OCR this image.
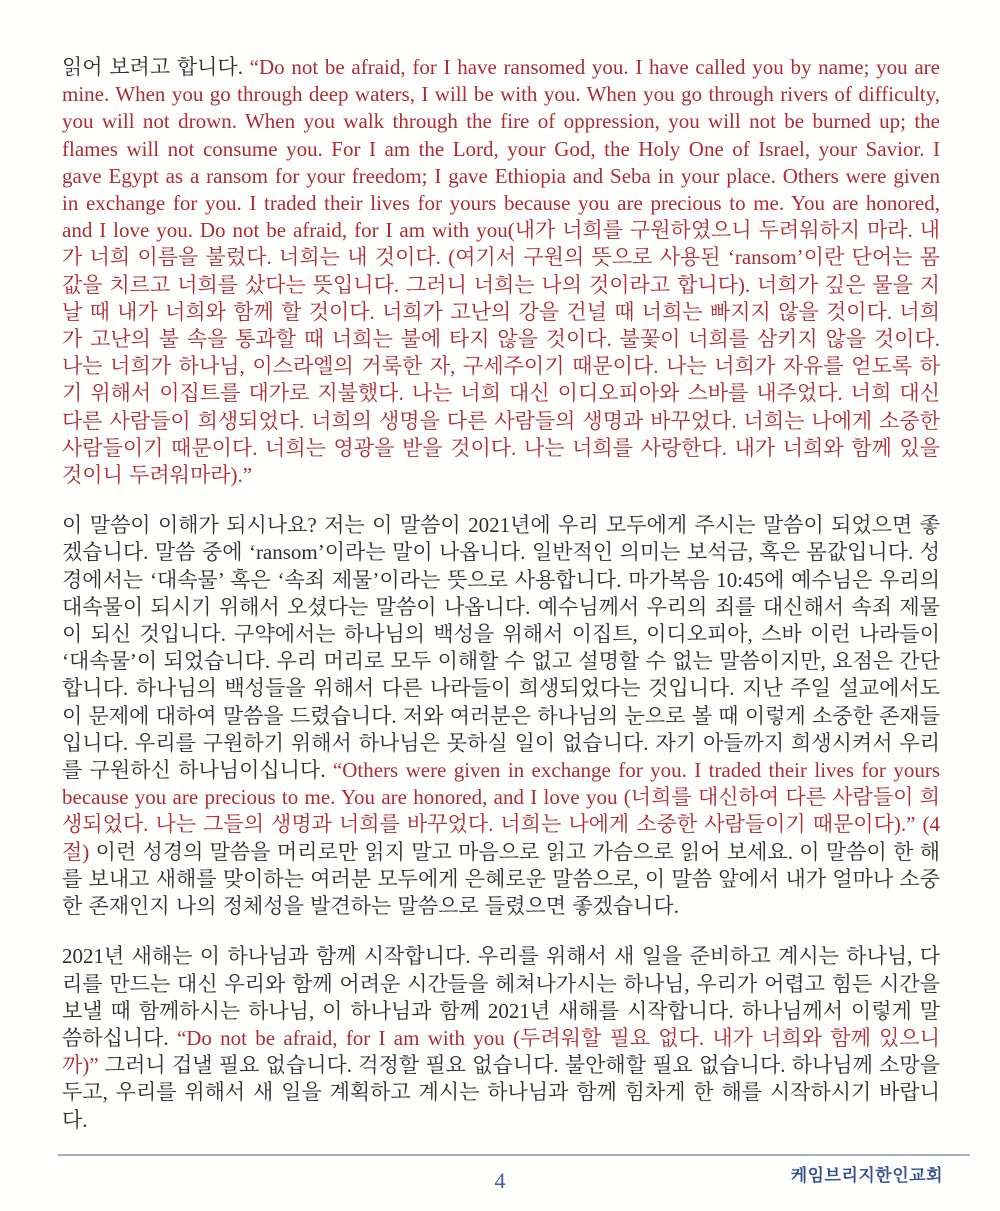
읽어 보려고 합니다. “Do not be afraid, for I have ransomed you. I have called you by name; you are mine. When you go through deep waters, I will be with you. When you go through rivers of difficulty, you will not drown. When you walk through the fire of oppression, you will not be burned up; the flames will not consume you. For I am the Lord, your God, the Holy One of Israel, your Savior. I gave Egypt as a ransom for your freedom; I gave Ethiopia and Seba in your place. Others were given in exchange for you. I traded their lives for yours because you are precious to me. You are honored, and I love you. Do not be afraid, for I am with you(내가 너희를 구원하였으니 두려워하지 마라. 내가 너희 이름을 불렀다. 너희는 내 것이다. (여기서 구원의 뜻으로 사용된 ‘ransom’이란 단어는 몸값을 치르고 너희를 샀다는 뜻입니다. 그러니 너희는 나의 것이라고 합니다). 너희가 깊은 물을 지날 때 내가 너희와 함께 할 것이다. 너희가 고난의 강을 건널 때 너희는 빠지지 않을 것이다. 너희가 고난의 불 속을 통과할 때 너희는 불에 타지 않을 것이다. 불꽃이 너희를 삼키지 않을 것이다. 나는 너희가 하나님, 이스라엘의 거룩한 자, 구세주이기 때문이다. 나는 너희가 자유를 얻도록 하기 위해서 이집트를 대가로 지불했다. 나는 너희 대신 이디오피아와 스바를 내주었다. 너희 대신 다른 사람들이 희생되었다. 너희의 생명을 다른 사람들의 생명과 바꾸었다. 너희는 나에게 소중한 사람들이기 때문이다. 너희는 영광을 받을 것이다. 나는 너희를 사랑한다. 내가 너희와 함께 있을 것이니 두려워마라).”

이 말씀이 이해가 되시나요? 저는 이 말씀이 2021년에 우리 모두에게 주시는 말씀이 되었으면 좋겠습니다. 말씀 중에 ‘ransom’이라는 말이 나옵니다. 일반적인 의미는 보석금, 혹은 몸값입니다. 성경에서는 ‘대속물’ 혹은 ‘속죄 제물’이라는 뜻으로 사용합니다. 마가복음 10:45에 예수님은 우리의 대속물이 되시기 위해서 오셨다는 말씀이 나옵니다. 예수님께서 우리의 죄를 대신해서 속죄 제물이 되신 것입니다. 구약에서는 하나님의 백성을 위해서 이집트, 이디오피아, 스바 이런 나라들이 ‘대속물’이 되었습니다. 우리 머리로 모두 이해할 수 없고 설명할 수 없는 말씀이지만, 요점은 간단합니다. 하나님의 백성들을 위해서 다른 나라들이 희생되었다는 것입니다. 지난 주일 설교에서도 이 문제에 대하여 말씀을 드렸습니다. 저와 여러분은 하나님의 눈으로 볼 때 이렇게 소중한 존재들입니다. 우리를 구원하기 위해서 하나님은 못하실 일이 없습니다. 자기 아들까지 희생시켜서 우리를 구원하신 하나님이십니다. “Others were given in exchange for you. I traded their lives for yours because you are precious to me. You are honored, and I love you (너희를 대신하여 다른 사람들이 희생되었다. 나는 그들의 생명과 너희를 바꾸었다. 너희는 나에게 소중한 사람들이기 때문이다).” (4절) 이런 성경의 말씀을 머리로만 읽지 말고 마음으로 읽고 가슴으로 읽어 보세요. 이 말씀이 한 해를 보내고 새해를 맞이하는 여러분 모두에게 은혜로운 말씀으로, 이 말씀 앞에서 내가 얼마나 소중한 존재인지 나의 정체성을 발견하는 말씀으로 들렸으면 좋겠습니다.

2021년 새해는 이 하나님과 함께 시작합니다. 우리를 위해서 새 일을 준비하고 계시는 하나님, 다리를 만드는 대신 우리와 함께 어려운 시간들을 헤쳐나가시는 하나님, 우리가 어렵고 힘든 시간을 보낼 때 함께하시는 하나님, 이 하나님과 함께 2021년 새해를 시작합니다. 하나님께서 이렇게 말씀하십니다. “Do not be afraid, for I am with you (두려워할 필요 없다. 내가 너희와 함께 있으니까)” 그러니 겁낼 필요 없습니다. 걱정할 필요 없습니다. 불안해할 필요 없습니다. 하나님께 소망을 두고, 우리를 위해서 새 일을 계획하고 계시는 하나님과 함께 힘차게 한 해를 시작하시기 바랍니다.

케임브리지한인교회
4
